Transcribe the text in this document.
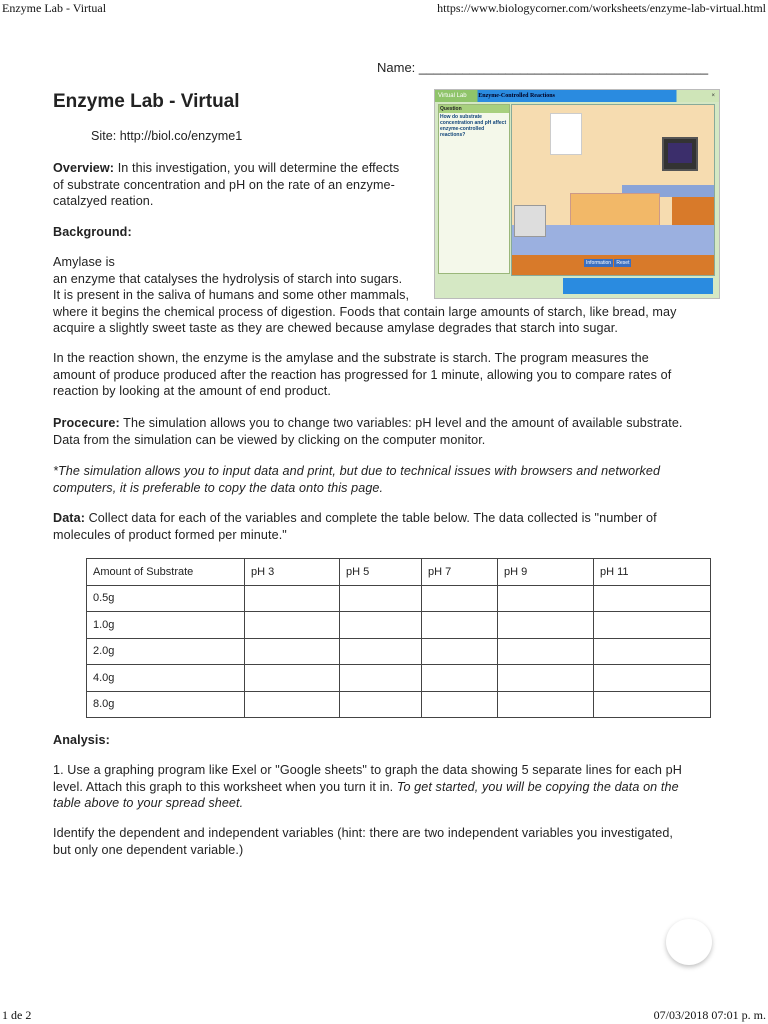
Enzyme Lab - Virtual	https://www.biologycorner.com/worksheets/enzyme-lab-virtual.html
Name: ________________________________________
Enzyme Lab - Virtual
Site: http://biol.co/enzyme1
Virtual Lab Enzyme-Controlled Reactions	×
Question
How do substrate concentration and pH affect enzyme-controlled reactions?
Information Reset
Overview: In this investigation, you will determine the effects
of substrate concentration and pH on the rate of an enzyme-
catalzyed reation.
Background:
Amylase is
an enzyme that catalyses the hydrolysis of starch into sugars.
It is present in the saliva of humans and some other mammals,
where it begins the chemical process of digestion. Foods that contain large amounts of starch, like bread, may
acquire a slightly sweet taste as they are chewed because amylase degrades that starch into sugar.
In the reaction shown, the enzyme is the amylase and the substrate is starch. The program measures the
amount of produce produced after the reaction has progressed for 1 minute, allowing you to compare rates of
reaction by looking at the amount of end product.
Procecure: The simulation allows you to change two variables: pH level and the amount of available substrate.
Data from the simulation can be viewed by clicking on the computer monitor.
*The simulation allows you to input data and print, but due to technical issues with browsers and networked
computers, it is preferable to copy the data onto this page.
Data: Collect data for each of the variables and complete the table below. The data collected is "number of
molecules of product formed per minute."
Amount of Substrate	pH 3	pH 5	pH 7	pH 9	pH 11
0.5g					
1.0g					
2.0g					
4.0g					
8.0g					
Analysis:
1. Use a graphing program like Exel or "Google sheets" to graph the data showing 5 separate lines for each pH
level. Attach this graph to this worksheet when you turn it in. To get started, you will be copying the data on the
table above to your spread sheet.
Identify the dependent and independent variables (hint: there are two independent variables you investigated,
but only one dependent variable.)
1 de 2	07/03/2018 07:01 p. m.
